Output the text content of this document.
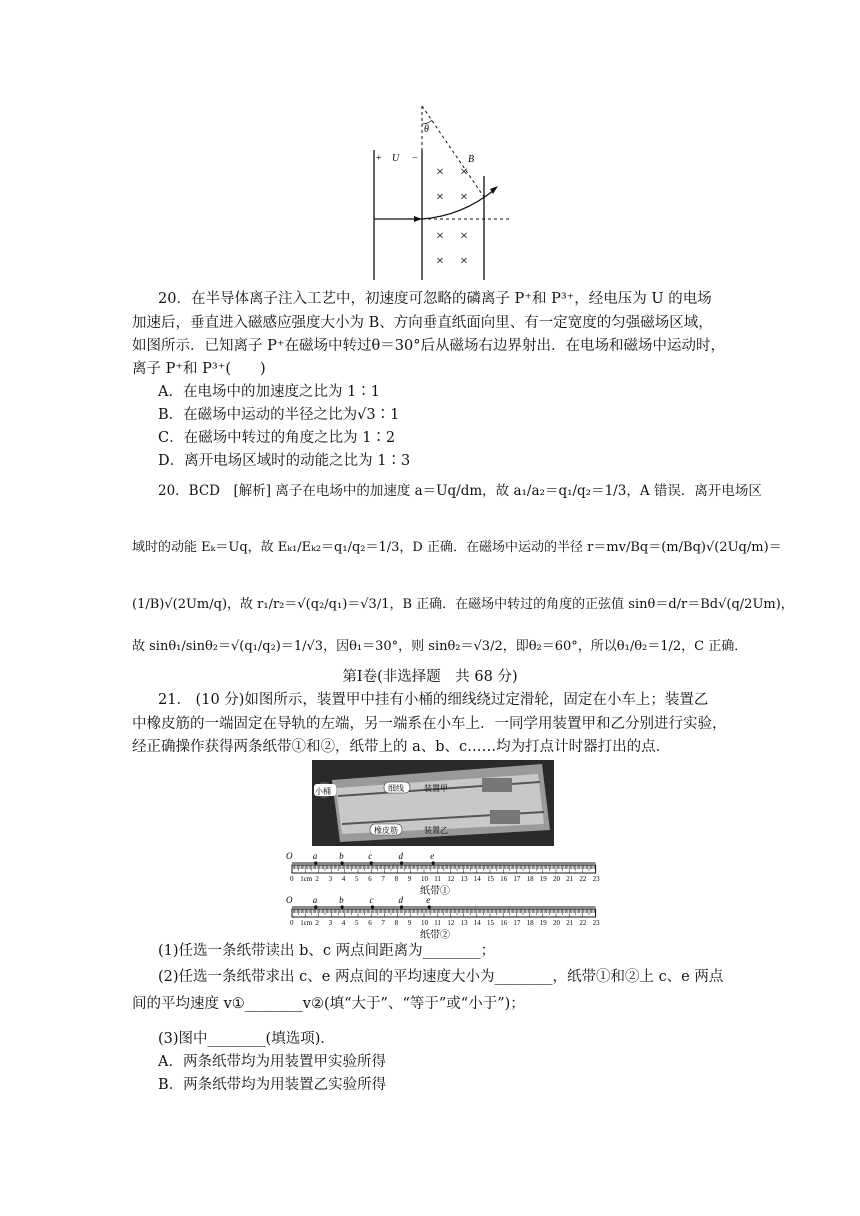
θ
+ U −	B
× ×
× ×
× ×
× ×
20．在半导体离子注入工艺中，初速度可忽略的磷离子 P⁺和 P³⁺，经电压为 U 的电场
加速后，垂直进入磁感应强度大小为 B、方向垂直纸面向里、有一定宽度的匀强磁场区域，
如图所示．已知离子 P⁺在磁场中转过θ＝30°后从磁场右边界射出．在电场和磁场中运动时，
离子 P⁺和 P³⁺(　　)
A．在电场中的加速度之比为 1∶1
B．在磁场中运动的半径之比为√3∶1
C．在磁场中转过的角度之比为 1∶2
D．离开电场区域时的动能之比为 1∶3
20．BCD　[解析] 离子在电场中的加速度 a＝Uq/dm，故 a₁/a₂＝q₁/q₂＝1/3，A 错误．离开电场区
域时的动能 Eₖ＝Uq，故 Eₖ₁/Eₖ₂＝q₁/q₂＝1/3，D 正确．在磁场中运动的半径 r＝mv/Bq＝(m/Bq)√(2Uq/m)＝
(1/B)√(2Um/q)，故 r₁/r₂＝√(q₂/q₁)＝√3/1，B 正确．在磁场中转过的角度的正弦值 sinθ＝d/r＝Bd√(q/2Um)，
故 sinθ₁/sinθ₂＝√(q₁/q₂)＝1/√3，因θ₁＝30°，则 sinθ₂＝√3/2，即θ₂＝60°，所以θ₁/θ₂＝1/2，C 正确．
第Ⅰ卷(非选择题　共 68 分)
21． (10 分)如图所示，装置甲中挂有小桶的细线绕过定滑轮，固定在小车上；装置乙
中橡皮筋的一端固定在导轨的左端，另一端系在小车上．一同学用装置甲和乙分别进行实验，
经正确操作获得两条纸带①和②，纸带上的 a、b、c……均为打点计时器打出的点．
小桶	细线	装置甲
橡皮筋	装置乙
O a b	c	d	e
0 1cm 2 3 4 5 6 7 8 9 10 11 12 13 14 15 16 17 18 19 20 21 22 23
纸带①
O a b	c	d	e
0 1cm 2 3 4 5 6 7 8 9 10 11 12 13 14 15 16 17 18 19 20 21 22 23
纸带②
(1)任选一条纸带读出 b、c 两点间距离为________；
(2)任选一条纸带求出 c、e 两点间的平均速度大小为________，纸带①和②上 c、e 两点
间的平均速度 v①________v②(填“大于”、“等于”或“小于”)；
(3)图中________(填选项)．
A．两条纸带均为用装置甲实验所得
B．两条纸带均为用装置乙实验所得
